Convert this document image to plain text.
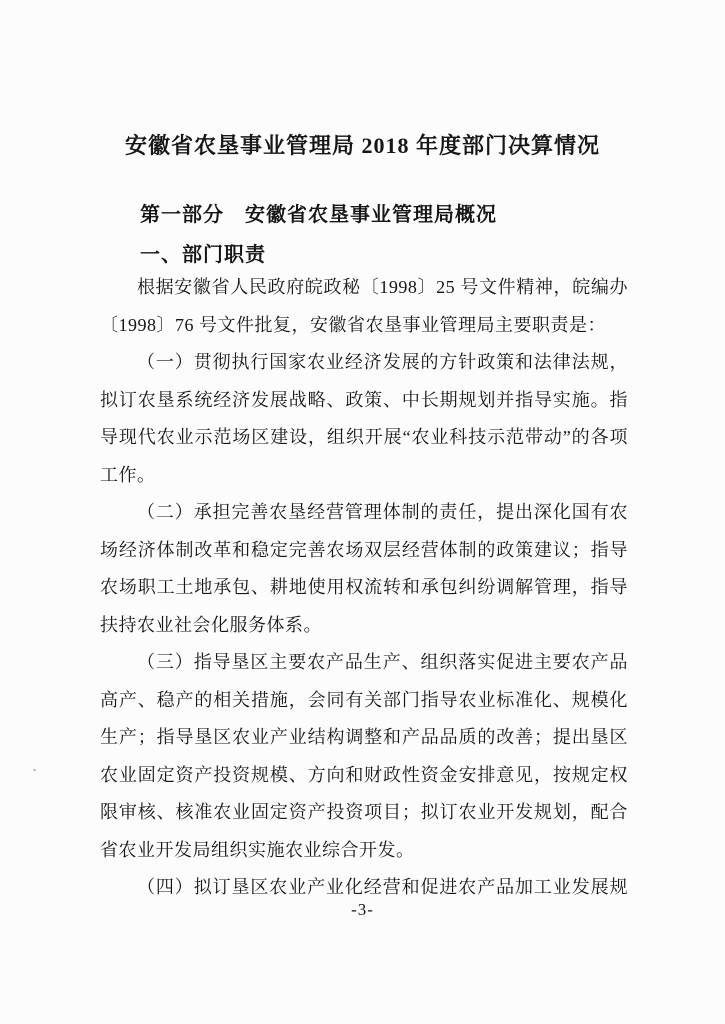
安徽省农垦事业管理局 2018 年度部门决算情况
第一部分　安徽省农垦事业管理局概况
一、部门职责
根据安徽省人民政府皖政秘〔1998〕25 号文件精神，皖编办
〔1998〕76 号文件批复，安徽省农垦事业管理局主要职责是：
（一）贯彻执行国家农业经济发展的方针政策和法律法规，
拟订农垦系统经济发展战略、政策、中长期规划并指导实施。指
导现代农业示范场区建设，组织开展“农业科技示范带动”的各项
工作。
（二）承担完善农垦经营管理体制的责任，提出深化国有农
场经济体制改革和稳定完善农场双层经营体制的政策建议；指导
农场职工土地承包、耕地使用权流转和承包纠纷调解管理，指导
扶持农业社会化服务体系。
（三）指导垦区主要农产品生产、组织落实促进主要农产品
高产、稳产的相关措施，会同有关部门指导农业标准化、规模化
生产；指导垦区农业产业结构调整和产品品质的改善；提出垦区
农业固定资产投资规模、方向和财政性资金安排意见，按规定权
限审核、核准农业固定资产投资项目；拟订农业开发规划，配合
省农业开发局组织实施农业综合开发。
（四）拟订垦区农业产业化经营和促进农产品加工业发展规
-3-
